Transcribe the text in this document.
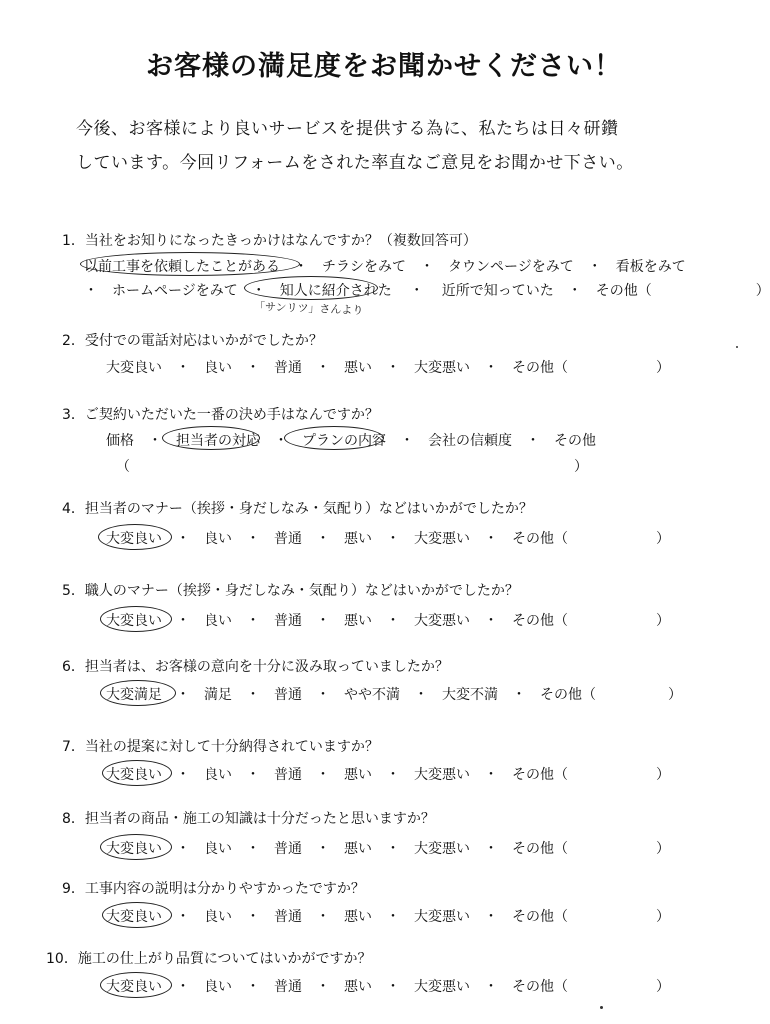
お客様の満足度をお聞かせください！
今後、お客様により良いサービスを提供する為に、私たちは日々研鑽
しています。今回リフォームをされた率直なご意見をお聞かせ下さい。
1．当社をお知りになったきっかけはなんですか？（複数回答可）
以前工事を依頼したことがある ・ チラシをみて ・ タウンページをみて ・ 看板をみて
・ ホームページをみて ・ 知人に紹介された ・ 近所で知っていた ・ その他（	）
「サンリツ」さんより
2．受付での電話対応はいかがでしたか？
大変良い ・ 良い ・ 普通 ・ 悪い ・ 大変悪い ・ その他（	）
3．ご契約いただいた一番の決め手はなんですか？
価格 ・ 担当者の対応 ・ プランの内容 ・ 会社の信頼度 ・ その他
（	）
4．担当者のマナー（挨拶・身だしなみ・気配り）などはいかがでしたか？
大変良い ・ 良い ・ 普通 ・ 悪い ・ 大変悪い ・ その他（	）
5．職人のマナー（挨拶・身だしなみ・気配り）などはいかがでしたか？
大変良い ・ 良い ・ 普通 ・ 悪い ・ 大変悪い ・ その他（	）
6．担当者は、お客様の意向を十分に汲み取っていましたか？
大変満足 ・ 満足 ・ 普通 ・ やや不満 ・ 大変不満 ・ その他（	）
7．当社の提案に対して十分納得されていますか？
大変良い ・ 良い ・ 普通 ・ 悪い ・ 大変悪い ・ その他（	）
8．担当者の商品・施工の知識は十分だったと思いますか？
大変良い ・ 良い ・ 普通 ・ 悪い ・ 大変悪い ・ その他（	）
9．工事内容の説明は分かりやすかったですか？
大変良い ・ 良い ・ 普通 ・ 悪い ・ 大変悪い ・ その他（	）
10．施工の仕上がり品質についてはいかがですか？
大変良い ・ 良い ・ 普通 ・ 悪い ・ 大変悪い ・ その他（	）
